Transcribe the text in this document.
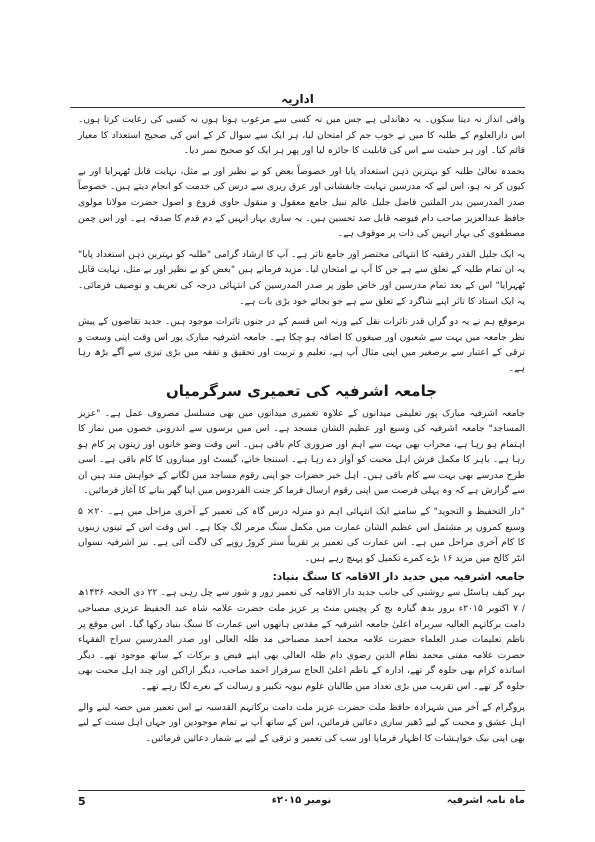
اداریہ

وافی انداز نہ دیتا سکوں۔ یہ دھاندلی ہے جس میں نہ کسی سے مرعوب ہوتا ہوں نہ کسی کی رعایت کرتا ہوں۔ اس دارالعلوم کے طلبہ کا میں نے خوب جم کر امتحان لیا، ہر ایک سے سوال کر کے اس کی صحیح استعداد کا معیار قائم کیا۔ اور ہر حیثیت سے اس کی قابلیت کا جائزہ لیا اور پھر ہر ایک کو صحیح نمبر دیا۔

بحمدہ تعالیٰ طلبہ کو بہترین ذہن استعداد پایا اور خصوصاً بعض کو بے نظیر اور بے مثل، نہایت قابل ٹھہرایا اور بے کیوں کر نہ ہو، اس لیے کہ مدرسین نہایت جانفشانی اور عرق ریزی سے درس کی خدمت کو انجام دیتے ہیں۔ خصوصاً صدر المدرسین بدر الملتین فاضل جلیل عالم نبیل جامع معقول و منقول حاوی فروع و اصول حضرت مولانا مولوی حافظ عبدالعزیز صاحب دام فیوضہ قابل صد تحسین ہیں۔ یہ ساری بہار انہیں کے دم قدم کا صدقہ ہے۔ اور اس چمن مصطفوی کی بہار انہیں کی ذات پر موقوف ہے۔

یہ ایک جلیل القدر رفقیہ کا انتہائی مختصر اور جامع تاثر ہے۔ آپ کا ارشاد گرامی "طلبہ کو بہترین ذہن استعداد پایا" یہ ان تمام طلبہ کے تعلق سے ہے جن کا آپ نے امتحان لیا۔ مزید فرماتے ہیں "بعض کو بے نظیر اور بے مثل، نہایت قابل ٹھہرایا" اس کے بعد تمام مدرسین اور خاص طور پر صدر المدرسین کی انتہائی درجہ کی تعریف و توصیف فرمائی۔ یہ ایک استاذ کا تاثر اپنے شاگرد کے تعلق سے ہے جو بجائے خود بڑی بات ہے۔

برموقع ہم نے یہ دو گراں قدر تاثرات نقل کیے ورنہ اس قسم کے در جنوں تاثرات موجود ہیں۔ جدید تقاضوں کے پیش نظر جامعہ میں بہت سے شعبوں اور صیغوں کا اضافہ ہو چکا ہے۔ جامعہ اشرفیہ مبارک پور اس وقت اپنی وسعت و ترقی کے اعتبار سے برصغیر میں اپنی مثال آپ ہے، تعلیم و تربیت اور تحقیق و تفقہ میں بڑی تیزی سے آگے بڑھ رہا ہے۔

جامعہ اشرفیہ کی تعمیری سرگرمیاں

جامعہ اشرفیہ مبارک پور تعلیمی میدانوں کے علاوہ تعمیری میدانوں میں بھی مسلسل مصروف عمل ہے۔ "عزیز المساجد" جامعہ اشرفیہ کی وسیع اور عظیم الشان مسجد ہے۔ اس میں برسوں سے اندرونی حصوں میں نماز کا اہتمام ہو رہا ہے، محراب بھی بہت سے اہم اور ضروری کام باقی ہیں۔ اس وقت وضو خانوں اور زینوں پر کام ہو رہا ہے۔ باہر کا مکمل فرش اہل محبت کو آواز دے رہا ہے۔ استنجا خانے، گیسٹ اور میناروں کا کام باقی ہے۔ اسی طرح مدرسے بھی بہت سے کام باقی ہیں۔ اہل خیر حضرات جو اپنی رقوم مساجد میں لگانے کے خواہش مند ہیں ان سے گزارش ہے کہ وہ پہلی فرصت میں اپنی رقوم ارسال فرما کر جنت الفردوس میں اپنا گھر بنانے کا آغاز فرمائیں۔

"دار التحفیظ و التجوید" کے سامنے ایک انتہائی اہم دو منزلہ درس گاہ کی تعمیر کے آخری مراحل میں ہے۔ ۲۰× ۵ وسیع کمروں پر مشتمل اس عظیم الشان عمارت میں مکمل سنگ مرمر لگ چکا ہے۔ اس وقت اس کے تینوں زینوں کا کام آخری مراحل میں ہے۔ اس عمارت کی تعمیر پر تقریباً ستر کروڑ روپے کی لاگت آئی ہے۔ نیز اشرفیہ نسواں انٹر کالج میں مزید ۱۶ بڑے کمرے تکمیل کو پہنچ رہے ہیں۔

جامعہ اشرفیہ میں جدید دار الاقامہ کا سنگ بنیاد:

بہر کیف ہاسٹل سے روشنی کی جانب جدید دار الاقامہ کی تعمیر زور و شور سے چل رہی ہے۔ ۲۲ ذی الحجہ ۱۴۳۶ھ / ۷ اکتوبر ۲۰۱۵ء بروز بدھ گیارہ بج کر پچیس منٹ پر عزیز ملت حضرت علامہ شاہ عبد الحفیظ عزیزی مصباحی دامت برکاتہم العالیہ سربراہ اعلیٰ جامعہ اشرفیہ کے مقدس ہاتھوں اس عمارت کا سنگ بنیاد رکھا گیا۔ اس موقع پر ناظم تعلیمات صدر العلماء حضرت علامہ محمد احمد مصباحی مد ظلہ العالی اور صدر المدرسین سراج الفقہاء حضرت علامہ مفتی محمد نظام الدین رضوی دام ظلہ العالی بھی اپنے فیض و برکات کے ساتھ موجود تھے۔ دیگر اساتذہ کرام بھی جلوہ گر تھے، ادارہ کے ناظم اعلیٰ الحاج سرفراز احمد صاحب، دیگر اراکین اور چند اہل محبت بھی جلوہ گر تھے۔ اس تقریب میں بڑی تعداد میں طالبان علوم نبویہ تکبیر و رسالت کے نعرے لگا رہے تھے۔

پروگرام کے آخر میں شہزادہ حافظ ملت حضرت عزیز ملت دامت برکاتہم القدسیہ نے اس تعمیر میں حصہ لینے والے اہل عشق و محبت کے لیے ڈھیر ساری دعائیں فرمائیں، اس کے ساتھ آپ نے تمام موجودین اور جہاں اہل سنت کے لیے بھی اپنی نیک خواہشات کا اظہار فرمایا اور سب کی تعمیر و ترقی کے لیے بے شمار دعائیں فرمائیں۔

ماہ نامہ اشرفیہ
نومبر ۲۰۱۵ء
5
